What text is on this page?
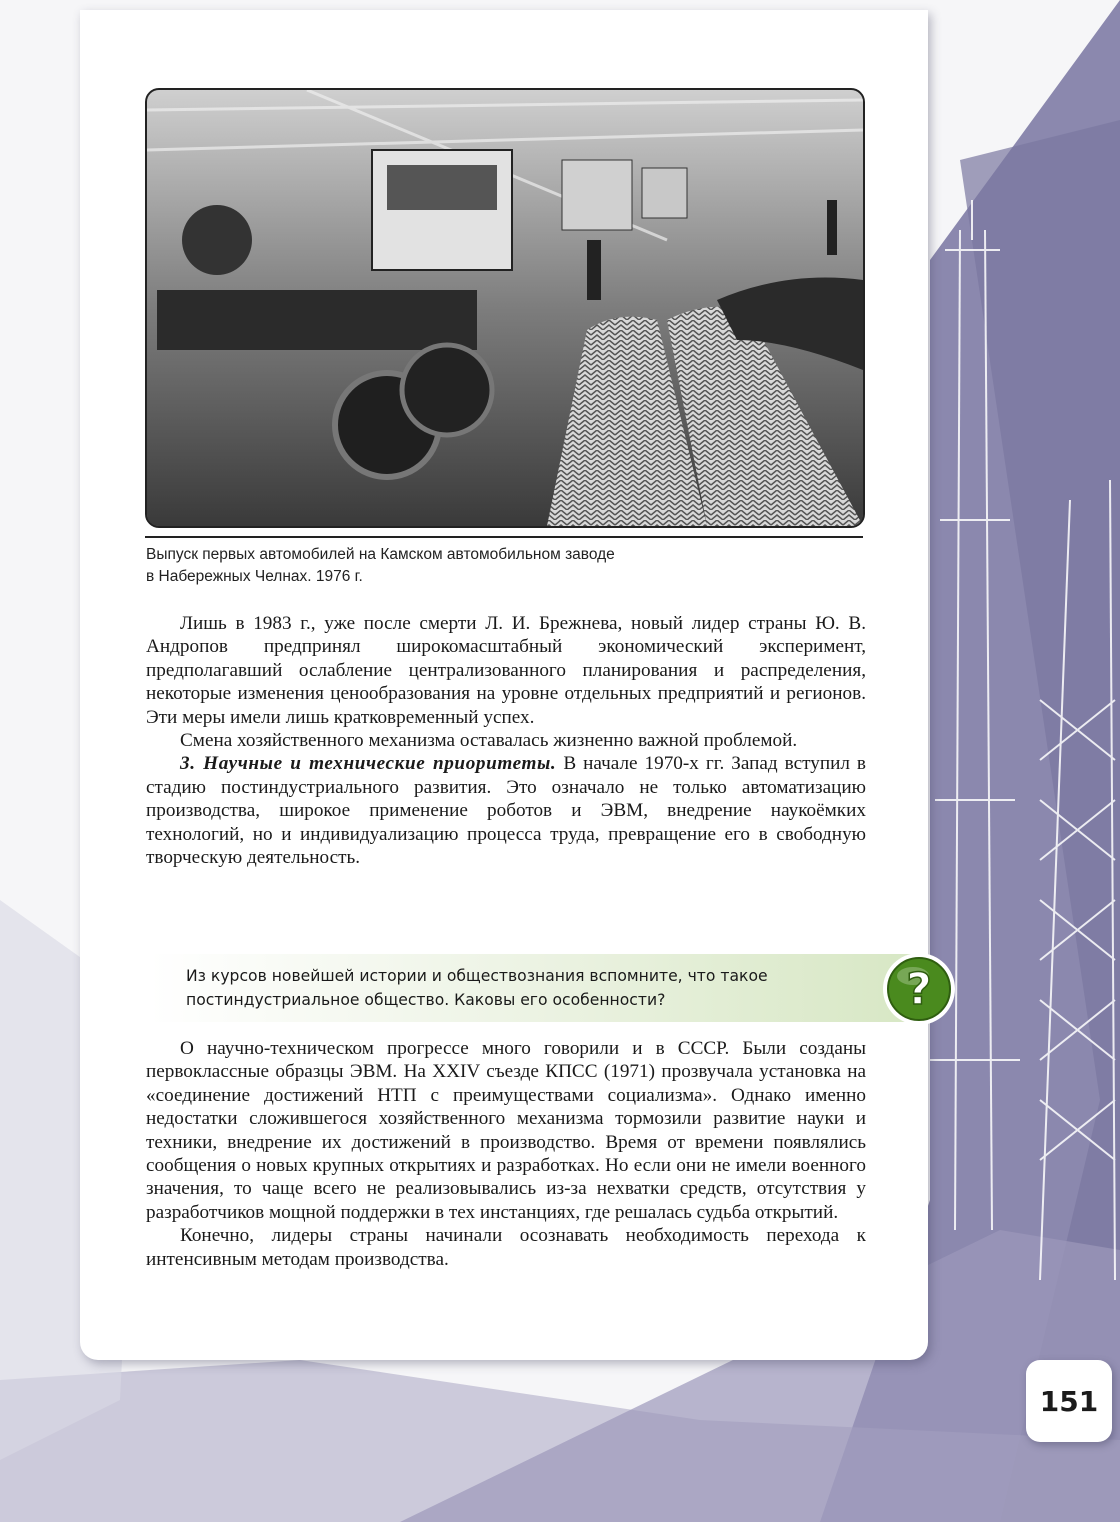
Выпуск первых автомобилей на Камском автомобильном заводе
в Набережных Челнах. 1976 г.

Лишь в 1983 г., уже после смерти Л. И. Брежнева, новый лидер страны Ю. В. Андропов предпринял широкомасштабный экономический эксперимент, предполагавший ослабление централизованного планирования и распределения, некоторые изменения ценообразования на уровне отдельных предприятий и регионов. Эти меры имели лишь кратковременный успех.

Смена хозяйственного механизма оставалась жизненно важной проблемой.

3. Научные и технические приоритеты. В начале 1970-х гг. Запад вступил в стадию постиндустриального развития. Это означало не только автоматизацию производства, широкое применение роботов и ЭВМ, внедрение наукоёмких технологий, но и индивидуализацию процесса труда, превращение его в свободную творческую деятельность.

Из курсов новейшей истории и обществознания вспомните, что такое постиндустриальное общество. Каковы его особенности?	?

О научно-техническом прогрессе много говорили и в СССР. Были созданы первоклассные образцы ЭВМ. На XXIV съезде КПСС (1971) прозвучала установка на «соединение достижений НТП с преимуществами социализма». Однако именно недостатки сложившегося хозяйственного механизма тормозили развитие науки и техники, внедрение их достижений в производство. Время от времени появлялись сообщения о новых крупных открытиях и разработках. Но если они не имели военного значения, то чаще всего не реализовывались из-за нехватки средств, отсутствия у разработчиков мощной поддержки в тех инстанциях, где решалась судьба открытий.

Конечно, лидеры страны начинали осознавать необходимость перехода к интенсивным методам производства.

151
